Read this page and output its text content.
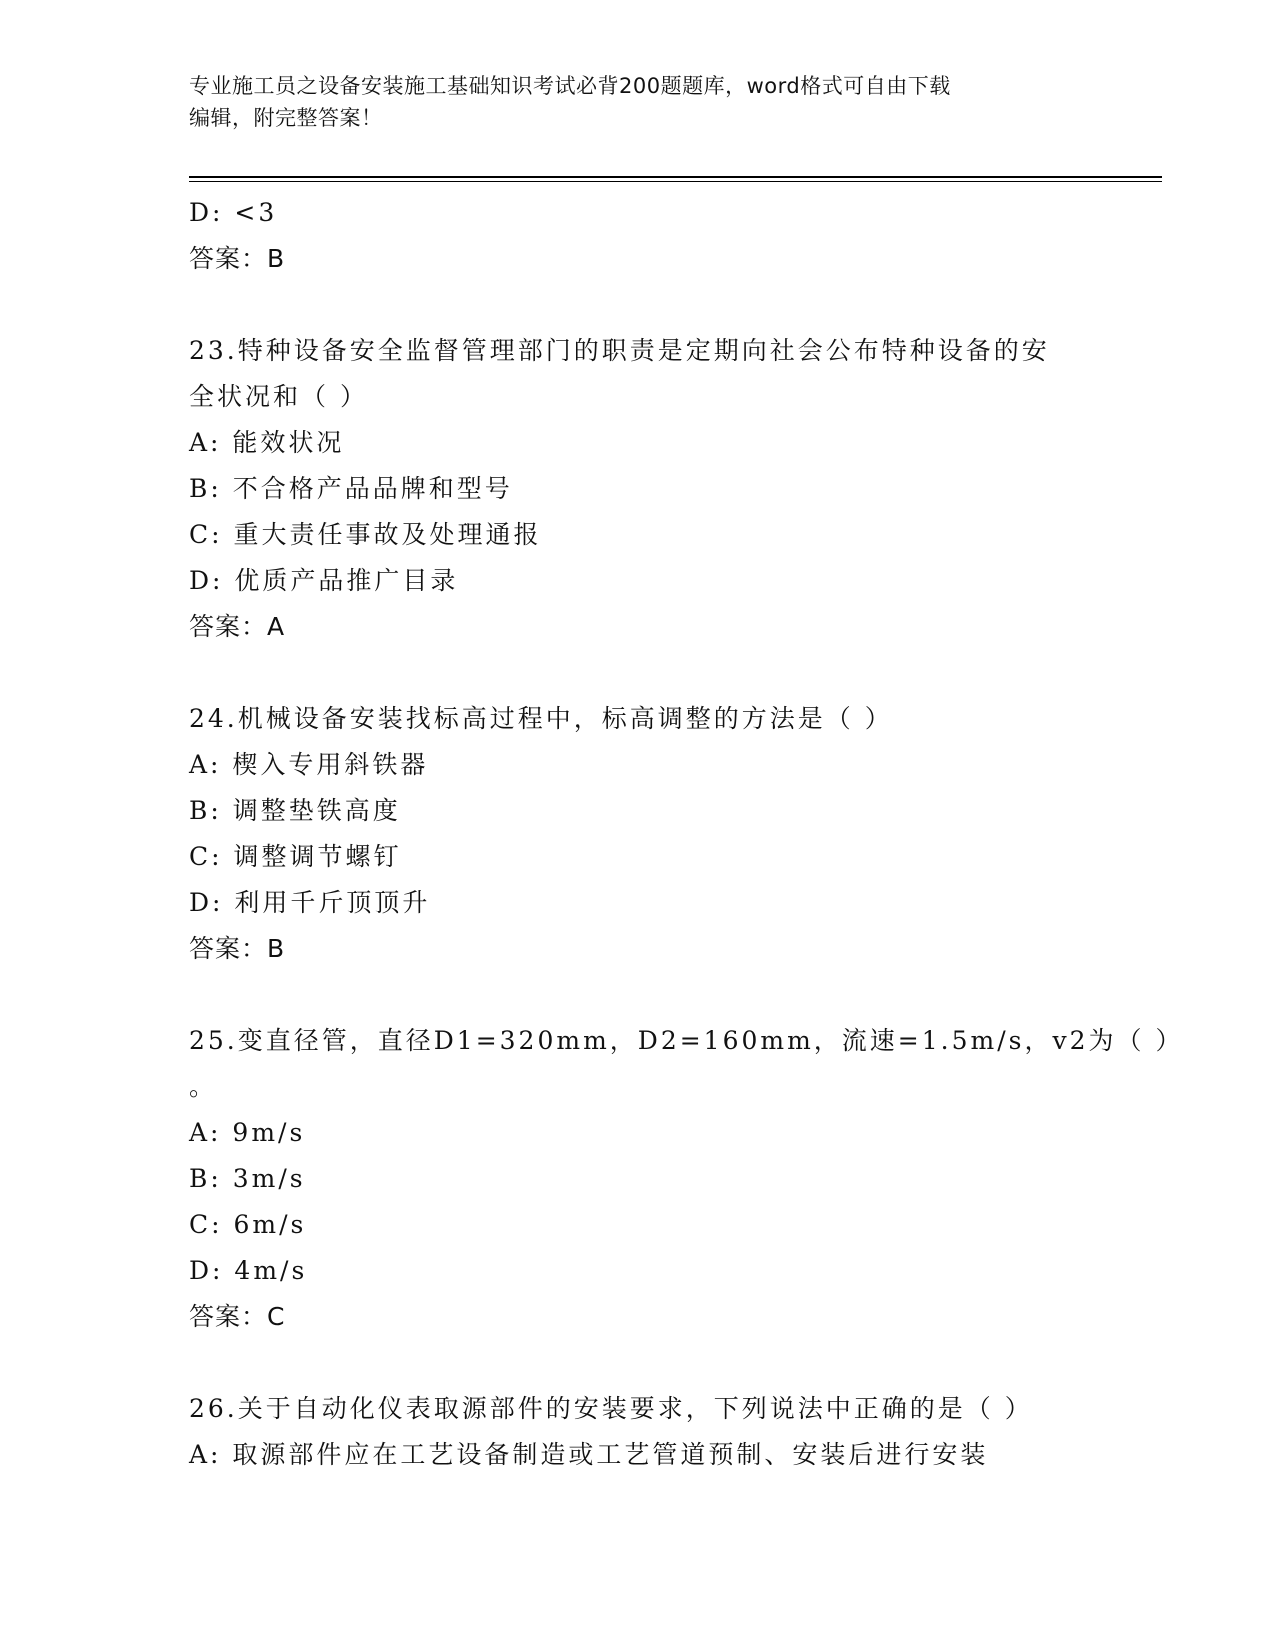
专业施工员之设备安装施工基础知识考试必背200题题库，word格式可自由下载
编辑，附完整答案！
D: <3
答案：B
23.特种设备安全监督管理部门的职责是定期向社会公布特种设备的安
全状况和（ ）
A: 能效状况
B: 不合格产品品牌和型号
C: 重大责任事故及处理通报
D: 优质产品推广目录
答案：A
24.机械设备安装找标高过程中，标高调整的方法是（ ）
A: 楔入专用斜铁器
B: 调整垫铁高度
C: 调整调节螺钉
D: 利用千斤顶顶升
答案：B
25.变直径管，直径D1=320mm，D2=160mm，流速=1.5m/s，v2为（ ）
。
A: 9m/s
B: 3m/s
C: 6m/s
D: 4m/s
答案：C
26.关于自动化仪表取源部件的安装要求，下列说法中正确的是（ ）
A: 取源部件应在工艺设备制造或工艺管道预制、安装后进行安装
